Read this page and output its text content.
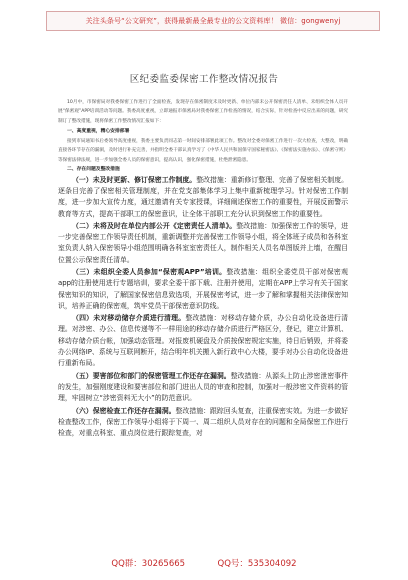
关注头条号“公文研究”，获得最新最全最专业的公文资料库！ 微信：gongwenyj
区纪委监委保密工作整改情况报告

10月中，市保密局对我委保密工作进行了全面检查，发现存在保密制度未及时更新、单位内部未公开保密责任人清单、未组织全体人员开展“保密观”APP培训活动等问题。我委高度重视，立即通报市保密局对我委保密工作检查的情况，结合实际，针对检查中反应出来的问题，研究制订了整改措施，现将保密工作整改情况汇报如下：

一、高度重视，精心安排部署

接到市局通知书后委领导高度重视，我委主要负责同志第一时间安排部署此项工作。整改对全委对保密工作进行一次大检查，大整改，明确直接各环节存在的漏洞，及时进行补充完善，并指明全委干部认真学习了《中华人民共和国保守国家秘密法》、《保密法实施办法》、《保密守则》等保密法律法规，进一步加强全委人员的保密意识，提高认识，强化保密措施，杜绝泄密隐患。

二、存在问题及整改措施

（一）未及时更新、修订保密工作制度。整改措施：重新修订整理、完善了保密相关制度。逐条目完善了保密相关管理制度，并在党支部集体学习上集中重新梳理学习。针对保密工作制度，进一步加大宣传力度，通过邀请有关专家授课，详细阐述保密工作的重要性，开展反面警示教育等方式，提高干部职工的保密意识，让全体干部职工充分认识到保密工作的重要性。

（二）未将及时在单位内部公开《定密责任人清单》。整改措施：加强保密工作的领导，进一步完善保密工作领导责任机制，重新调整并完善保密工作领导小组，将全体班子成员和各科室室负责人纳入保密领导小组范围明确各科室室密责任人，制作相关人员名单图版并上墙，在醒目位置公示保密责任清单。

（三）未组织全委人员参加“保密观APP”培训。整改措施：组织全委党员干部对保密观app的注册使用进行专题培训，要求全委干部下载、注册并使用，定期在APP上学习有关于国家保密知识的知识，了解国家保密信息致选项，开展保密考试，进一步了解和掌握相关法律保密知识，培养正确的保密观，筑牢党员干部保密意识防线。

（四）未对移动储存介质进行清理。整改措施：对移动存储介质，办公自动化设备进行清理。对涉密、办公、信息传递等不一样用途的移动存储介质进行严格区分，登记，建立计算机、移动存储介质台帐，加强动态管理。对报废机硬盘及介质按保密规定实施，待日后销毁，并将委办公网络IP、系统与互联网断开，结合明年机关搬入新行政中心大楼，要手对办公自动化设备进行重新布局。

（五）要害部位和部门的保密管理工作还存在漏洞。整改措施：从源头上防止涉密泄密事件的发生，加强刚度建设和要害部位和部门进出人员的审查和控制，加强对一般涉密文件资料的管理，牢固树立“涉密资料无大小”的防范意识。

（六）保密检查工作还存在漏洞。整改措施：跟踪回头复查，注重保密实效。为进一步做好检查整改工作，保密工作领导小组将于下周一、周二组织人员对存在的问题和全局保密工作进行检查，对重点科室、重点岗位进行跟踪复查，对

QQ群：30265665	QQ号：535304092
